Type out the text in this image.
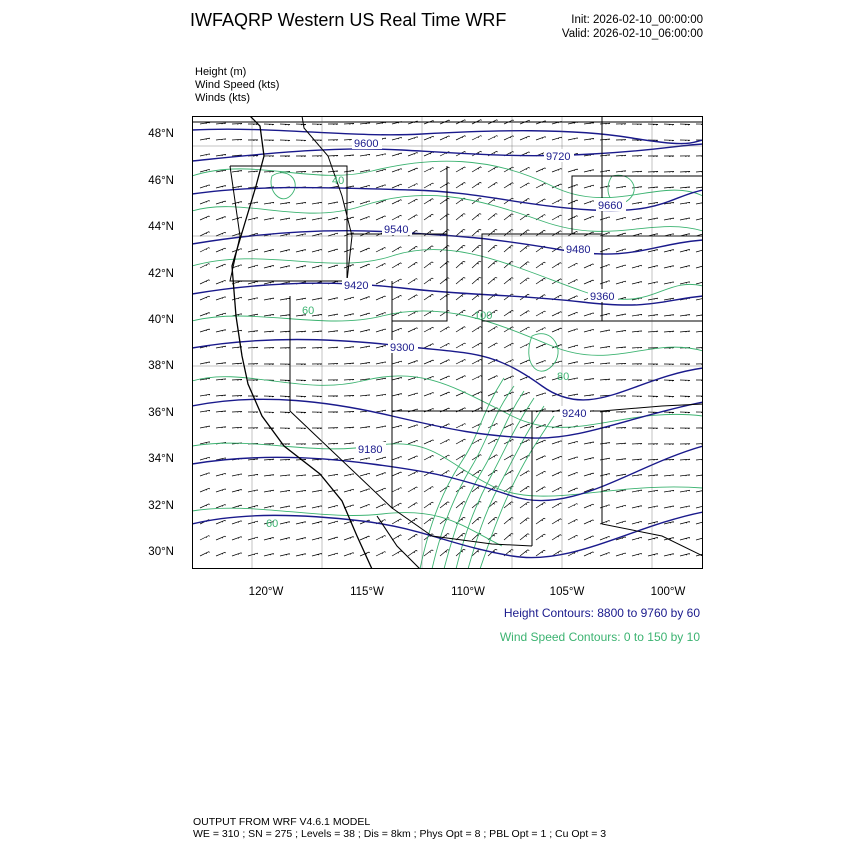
IWFAQRP Western US Real Time WRF	Init: 2026-02-10_00:00:00
Valid: 2026-02-10_06:00:00
Height (m)
Wind Speed (kts)
Winds (kts)
48°N
46°N
44°N
42°N
40°N
38°N
36°N
34°N
32°N
30°N
120°W	115°W	110°W	105°W	100°W
9600
9720
9660
9540
9480
9420
9360
9300
9240
9180
60
40
60
80
100
Height Contours: 8800 to 9760 by 60
Wind Speed Contours: 0 to 150 by 10
OUTPUT FROM WRF V4.6.1 MODEL
WE = 310 ; SN = 275 ; Levels = 38 ; Dis = 8km ; Phys Opt = 8 ; PBL Opt = 1 ; Cu Opt = 3
